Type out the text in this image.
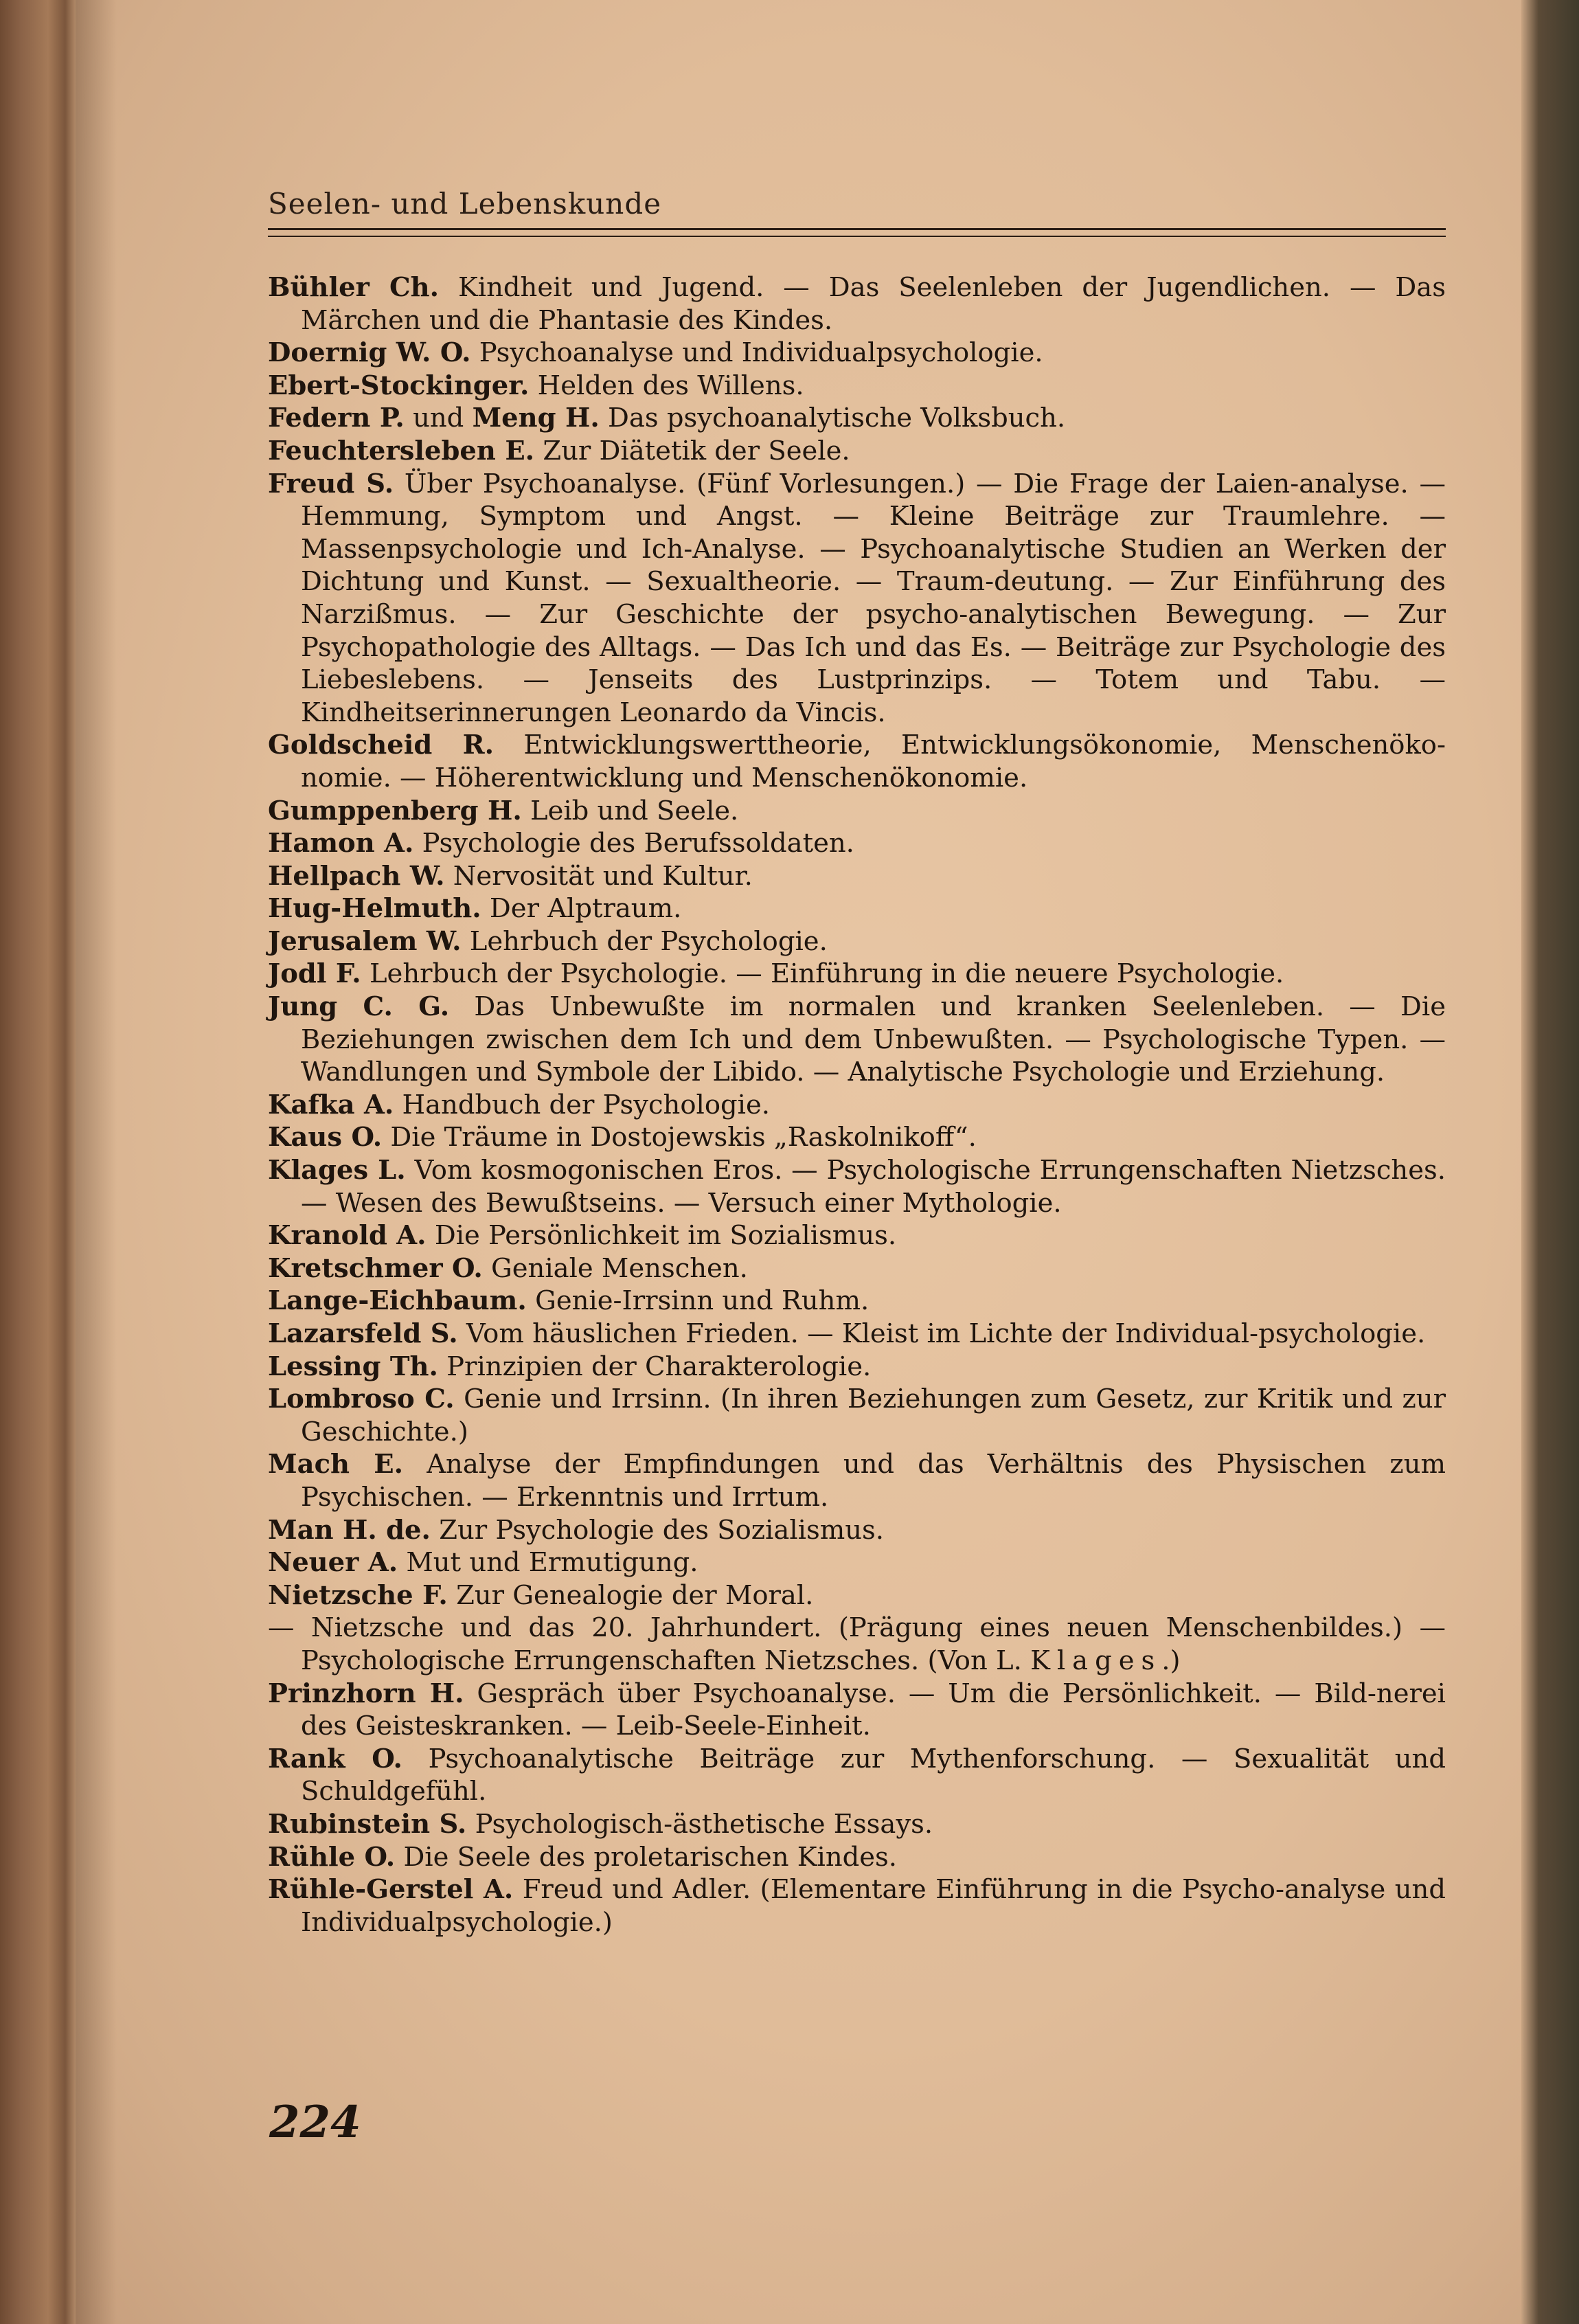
Seelen- und Lebenskunde
Bühler Ch. Kindheit und Jugend. — Das Seelenleben der Jugendlichen. — Das Märchen und die Phantasie des Kindes.
Doernig W. O. Psychoanalyse und Individualpsychologie.
Ebert-Stockinger. Helden des Willens.
Federn P. und Meng H. Das psychoanalytische Volksbuch.
Feuchtersleben E. Zur Diätetik der Seele.
Freud S. Über Psychoanalyse. (Fünf Vorlesungen.) — Die Frage der Laien-analyse. — Hemmung, Symptom und Angst. — Kleine Beiträge zur Traumlehre. — Massenpsychologie und Ich-Analyse. — Psychoanalytische Studien an Werken der Dichtung und Kunst. — Sexualtheorie. — Traum-deutung. — Zur Einführung des Narzißmus. — Zur Geschichte der psycho-analytischen Bewegung. — Zur Psychopathologie des Alltags. — Das Ich und das Es. — Beiträge zur Psychologie des Liebeslebens. — Jenseits des Lustprinzips. — Totem und Tabu. — Kindheitserinnerungen Leonardo da Vincis.
Goldscheid R. Entwicklungswerttheorie, Entwicklungsökonomie, Menschenöko-nomie. — Höherentwicklung und Menschenökonomie.
Gumppenberg H. Leib und Seele.
Hamon A. Psychologie des Berufssoldaten.
Hellpach W. Nervosität und Kultur.
Hug-Helmuth. Der Alptraum.
Jerusalem W. Lehrbuch der Psychologie.
Jodl F. Lehrbuch der Psychologie. — Einführung in die neuere Psychologie.
Jung C. G. Das Unbewußte im normalen und kranken Seelenleben. — Die Beziehungen zwischen dem Ich und dem Unbewußten. — Psychologische Typen. — Wandlungen und Symbole der Libido. — Analytische Psychologie und Erziehung.
Kafka A. Handbuch der Psychologie.
Kaus O. Die Träume in Dostojewskis „Raskolnikoff“.
Klages L. Vom kosmogonischen Eros. — Psychologische Errungenschaften Nietzsches. — Wesen des Bewußtseins. — Versuch einer Mythologie.
Kranold A. Die Persönlichkeit im Sozialismus.
Kretschmer O. Geniale Menschen.
Lange-Eichbaum. Genie-Irrsinn und Ruhm.
Lazarsfeld S. Vom häuslichen Frieden. — Kleist im Lichte der Individual-psychologie.
Lessing Th. Prinzipien der Charakterologie.
Lombroso C. Genie und Irrsinn. (In ihren Beziehungen zum Gesetz, zur Kritik und zur Geschichte.)
Mach E. Analyse der Empfindungen und das Verhältnis des Physischen zum Psychischen. — Erkenntnis und Irrtum.
Man H. de. Zur Psychologie des Sozialismus.
Neuer A. Mut und Ermutigung.
Nietzsche F. Zur Genealogie der Moral.
— Nietzsche und das 20. Jahrhundert. (Prägung eines neuen Menschenbildes.) — Psychologische Errungenschaften Nietzsches. (Von L. Klages.)
Prinzhorn H. Gespräch über Psychoanalyse. — Um die Persönlichkeit. — Bild-nerei des Geisteskranken. — Leib-Seele-Einheit.
Rank O. Psychoanalytische Beiträge zur Mythenforschung. — Sexualität und Schuldgefühl.
Rubinstein S. Psychologisch-ästhetische Essays.
Rühle O. Die Seele des proletarischen Kindes.
Rühle-Gerstel A. Freud und Adler. (Elementare Einführung in die Psycho-analyse und Individualpsychologie.)
224
